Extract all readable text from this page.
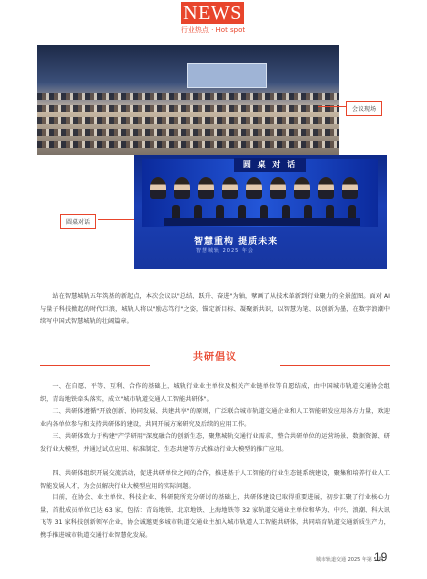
NEWS
行业热点 · Hot spot
会议现场
圆 桌 对 话
智慧重构 提质未来
智慧城轨 2025 年会
圆桌对话

站在智慧城轨五年筑基的新起点，本次会议以"总结、跃升、奋进"为轴，擘画了从技术革新到行业聚力的全景蓝图。面对 AI 与量子科技掀起的时代巨浪，城轨人将以"励志笃行"之姿，锚定新目标、凝聚新共识，以智慧为笔、以创新为墨，在数字浪潮中续写中国式智慧城轨的壮阔篇章。

共研倡议

一、在自愿、平等、互利、合作的基础上，城轨行业业主单位及相关产业链单位等自愿结成，由中国城市轨道交通协会组织，青岛地铁牵头落实，成立"城市轨道交通人工智能共研体"。

二、共研体遵循"开放创新、协同发展、共建共享"的原则，广泛联合城市轨道交通企业和人工智能研发应用各方力量，欢迎业内各单位参与和支持共研体的建设，共同开展方案研究及后续的应用工作。

三、共研体致力于构建"产学研用"深度融合的创新生态，聚焦城轨交通行业需求，整合共研单位的运营场景、数据资源、研发行业大模型，并通过试点应用、标准制定、生态共建等方式推动行业大模型的推广应用。

四、共研体组织开展交流活动，促进共研单位之间的合作，推进基于人工智能的行业生态链系统建设，聚集和培养行业人工智能发展人才，为会员解决行业大模型应用的实际问题。

目前，在协会、业主单位、科技企业、科研院所充分研讨的基础上，共研体建设已取得重要进展，初步汇聚了行业核心力量，首批成员单位已达 63 家，包括：青岛地铁、北京地铁、上海地铁等 32 家轨道交通业主单位和华为、中兴、浪潮、科大讯飞等 31 家科技创新领军企业，协会诚邀更多城市轨道交通业主加入城市轨道人工智能共研体，共同培育轨道交通新质生产力，携手推进城市轨道交通行业智慧化发展。

城市轨道交通 2025 年第 5 期
19
